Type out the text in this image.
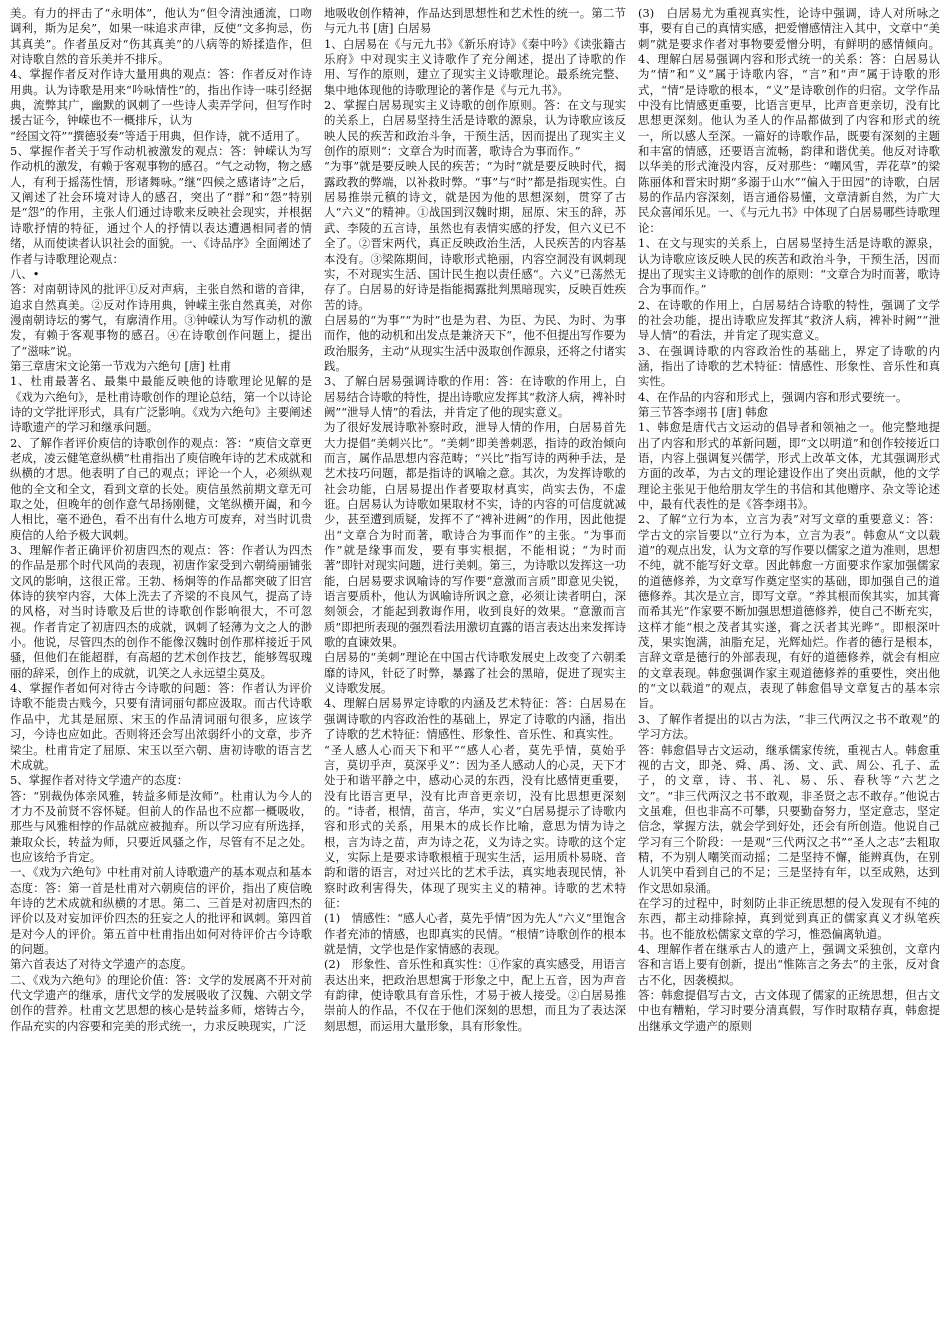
美。有力的抨击了“永明体”，他认为“但令清浊通流，口吻调利，斯为足矣”，如果一味追求声律，反使“文多拘忌，伤其真美”。作者虽反对“伤其真美”的八病等的矫揉造作，但对诗歌自然的音乐美并不排斥。

4、掌握作者反对作诗大量用典的观点：答：作者反对作诗用典。认为诗歌是用来“吟咏情性”的，指出作诗一味引经据典，流弊其广，幽默的讽刺了一些诗人卖弄学问，但写作时援古证今，钟嵘也不一概排斥，认为

“经国文符”“撰德驳奏”等适于用典，但作诗，就不适用了。

5、掌握作者关于写作动机被激发的观点：答：钟嵘认为写作动机的激发，有赖于客观事物的感召。“气之动物，物之感人，有利于摇荡性情，形诸舞咏。”继“四候之感诸诗”之后，又阐述了社会环境对诗人的感召，突出了“群”和“怨”特别是“怨”的作用，主张人们通过诗歌来反映社会现实，并根据诗歌抒情的特征，通过个人的抒情以表达遭遇相同者的情绪，从而使读者认识社会的面貌。一、《诗品序》全面阐述了作者与诗歌理论观点：

八、•

答：对南朝诗风的批评①反对声病，主张自然和谐的音律，追求自然真美。②反对作诗用典，钟嵘主张自然真美，对你漫南朝诗坛的雾气，有廓清作用。③钟嵘认为写作动机的激发，有赖于客观事物的感召。④在诗歌创作问题上，提出了“滋味”说。

第三章唐宋文论第一节戏为六绝句 [唐] 杜甫

1、杜甫最著名、最集中最能反映他的诗歌理论见解的是《戏为六绝句》，是杜甫诗歌创作的理论总结，第一个以诗论诗的文学批评形式，具有广泛影响。《戏为六绝句》主要阐述诗歌遗产的学习和继承问题。

2、了解作者评价庾信的诗歌创作的观点：答：“庾信文章更老成，凌云健笔意纵横”杜甫指出了庾信晚年诗的艺术成就和纵横的才思。他表明了自己的观点；评论一个人，必须纵观他的全文和全文，看到文章的长处。庾信虽然前期文章无可取之处，但晚年的创作意气昂扬刚健，文笔纵横开阖，和今人相比，毫不逊色，看不出有什么地方可废弃，对当时讥贵庾信的人给予极大讽刺。

3、理解作者正确评价初唐四杰的观点：答：作者认为四杰的作品是那个时代风尚的表现，初唐作家受到六朝绮丽铺张文风的影响，这很正常。王勃、杨炯等的作品都突破了旧宫体诗的狭窄内容，大体上洗去了齐梁的不良风气，提高了诗的风格，对当时诗歌及后世的诗歌创作影响很大，不可忽视。作者肯定了初唐四杰的成就，讽刺了轻薄为文之人的渺小。他说，尽管四杰的创作不能像汉魏时创作那样接近于风骚，但他们在能超群，有高超的艺术创作技艺，能够驾驭瑰丽的辞采，创作上的成就，讥笑之人永远望尘莫及。

4、掌握作者如何对待古今诗歌的问题：答：作者认为评价诗歌不能贵古贱今，只要有清词丽句都应汲取。而古代诗歌作品中，尤其是屈原、宋玉的作品清词丽句很多，应该学习，今诗也应如此。否则将还会写出浓弱纤小的文章，步齐梁尘。杜甫肯定了屈原、宋玉以至六朝、唐初诗歌的语言艺术成就。

5、掌握作者对待文学遗产的态度：

答：“别裁伪体亲风雅，转益多师是汝师”。杜甫认为今人的才力不及前贤不容怀疑。但前人的作品也不应都一概吸收，那些与风雅相悖的作品就应被抛弃。所以学习应有所选择，兼取众长，转益为师，只要近风骚之作，尽管有不足之处。也应该给予肯定。

一、《戏为六绝句》中杜甫对前人诗歌遗产的基本观点和基本态度：答：第一首是杜甫对六朝庾信的评价，指出了庾信晚年诗的艺术成就和纵横的才思。第二、三首是对初唐四杰的评价以及对妄加评价四杰的狂妄之人的批评和讽刺。第四首是对今人的评价。第五首中杜甫指出如何对待评价古今诗歌的问题。

第六首表达了对待文学遗产的态度。

二、《戏为六绝句》的理论价值：答：文学的发展离不开对前代文学遗产的继承，唐代文学的发展吸收了汉魏、六朝文学创作的营养。杜甫文艺思想的核心是转益多师，熔铸古今，作品充实的内容要和完美的形式统一，力求反映现实，广泛

地吸收创作精神，作品达到思想性和艺术性的统一。第二节与元九书 [唐] 白居易

1、白居易在《与元九书》《新乐府诗》《秦中吟》《读张籍古乐府》中对现实主义诗歌作了充分阐述，提出了诗歌的作用、写作的原则，建立了现实主义诗歌理论。最系统完整、集中地体现他的诗歌理论的著作是《与元九书》。

2、掌握白居易现实主义诗歌的创作原则。答：在文与现实的关系上，白居易坚持生活是诗歌的源泉，认为诗歌应该反映人民的疾苦和政治斗争，干预生活，因而提出了现实主义创作的原则“：文章合为时而著，歌诗合为事而作。”

“为事”就是要反映人民的疾苦；“为时”就是要反映时代，揭露政教的弊端，以补救时弊。“事”与“时”都是指现实性。白居易推崇元稹的诗文，就是因为他的思想深刻，贯穿了古人“六义”的精神。①战国到汉魏时期，屈原、宋玉的辞，苏武、李陵的五言诗，虽然也有表情实感的抒发，但六义已不全了。②晋宋两代，真正反映政治生活，人民疾苦的内容基本没有。③梁陈期间，诗歌形式艳丽，内容空洞没有讽刺现实，不对现实生活、国计民生抱以责任感“。六义”已荡然无存了。白居易的好诗是指能揭露批判黑暗现实，反映百姓疾苦的诗。

白居易的“为事”“为时”也是为君、为臣、为民、为时、为事而作，他的动机和出发点是兼济天下“，他不但提出写作要为政治服务，主动“从现实生活中汲取创作源泉，还将之付诸实践。

3、了解白居易强调诗歌的作用：答：在诗歌的作用上，白居易结合诗歌的特性，提出诗歌应发挥其“救济人病，裨补时阙”“泄导人情”的看法，并肯定了他的现实意义。

为了很好发展诗歌补察时政，泄导人情的作用，白居易首先大力提倡“美刺兴比”。“美刺”即美善刺恶，指诗的政治倾向而言，属作品思想内容范畴；“兴比”指写诗的两种手法，是艺术技巧问题，都是指诗的讽喻之意。其次，为发挥诗歌的社会功能，白居易提出作者要取材真实，尚实去伪，不虚诳。白居易认为诗歌如果取材不实，诗的内容的可信度就减少，甚至遭到质疑，发挥不了“裨补进阙”的作用，因此他提出“文章合为时而著，歌诗合为事而作”的主张。“为事而作”就是缘事而发，要有事实根据，不能相说；“为时而著”即针对现实问题，进行美刺。第三，为诗歌以发挥这一功能，白居易要求讽喻诗的写作要“意激而言质”即意见尖锐，语言要质朴，他认为讽喻诗所讽之意，必须让读者明白，深刻领会，才能起到教诲作用，收到良好的效果。“意激而言质”即把所表现的强烈看法用激切直露的语言表达出来发挥诗歌的直谏效果。

白居易的“美刺”理论在中国古代诗歌发展史上改变了六朝柔靡的诗风，针砭了时弊，暴露了社会的黑暗，促进了现实主义诗歌发展。

4、理解白居易界定诗歌的内涵及艺术特征：答：白居易在强调诗歌的内容政治性的基础上，界定了诗歌的内涵，指出了诗歌的艺术特征：情感性、形象性、音乐性、和真实性。

“圣人感人心而天下和平”“感人心者，莫先乎情，莫始乎言，莫切乎声，莫深乎义”：因为圣人感动人的心灵，天下才处于和谐平静之中，感动心灵的东西，没有比感情更重要，没有比语言更早，没有比声音更亲切，没有比思想更深刻的。“诗者，根情，苗言，华声，实义”白居易提示了诗歌内容和形式的关系，用果木的成长作比喻，意思为情为诗之根，言为诗之苗，声为诗之花，义为诗之实。诗歌的这个定义，实际上是要求诗歌根植于现实生活，运用质朴易晓、音韵和谐的语言，对过兴比的艺术手法，真实地表现民情，补察时政利害得失，体现了现实主义的精神。诗歌的艺术特征：

(1)　情感性：“感人心者，莫先乎情”因为先人“六义”里饱含作者充沛的情感，也即真实的民情。“根情”诗歌创作的根本就是情，文学也是作家情感的表现。

(2)　形象性、音乐性和真实性：①作家的真实感受，用语言表达出来，把政治思想寓于形象之中，配上五音，因为声音有韵律，使诗歌具有音乐性，才易于被人接受。②白居易推崇前人的作品，不仅在于他们深刻的思想，而且为了表达深刻思想，而运用大量形象，具有形象性。

(3)　白居易尤为重视真实性，论诗中强调，诗人对所咏之事，要有自己的真情实感，把爱憎感情注入其中，文章中“美刺”就是要求作者对事物要爱憎分明，有鲜明的感情倾向。4、理解白居易强调内容和形式统一的关系：答：白居易认为“情”和“义”属于诗歌内容，“言”和“声”属于诗歌的形式，“情”是诗歌的根本，“义”是诗歌创作的归宿。文学作品中没有比情感更重要，比语言更早，比声音更亲切，没有比思想更深刻。他认为圣人的作品都做到了内容和形式的统一，所以感人至深。一篇好的诗歌作品，既要有深刻的主题和丰富的情感，还要语言流畅，韵律和谐优美。他反对诗歌以华美的形式淹没内容，反对那些：“嘲风雪，弄花草”的梁陈丽体和晋宋时期“多溺于山水”“偏入于田园”的诗歌，白居易的作品内容深刻，语言通俗易懂，文章清新自然，为广大民众喜闻乐见。一、《与元九书》中体现了白居易哪些诗歌理论：

1、在文与现实的关系上，白居易坚持生活是诗歌的源泉，认为诗歌应该反映人民的疾苦和政治斗争，干预生活，因而提出了现实主义诗歌的创作的原则：“文章合为时而著，歌诗合为事而作。”

2、在诗歌的作用上，白居易结合诗歌的特性，强调了文学的社会功能，提出诗歌应发挥其“救济人病，裨补时阙”“泄导人情”的看法，并肯定了现实意义。

3、在强调诗歌的内容政治性的基础上，界定了诗歌的内涵，指出了诗歌的艺术特征：情感性、形象性、音乐性和真实性。

4、在作品的内容和形式上，强调内容和形式要统一。

第三节答李翊书 [唐] 韩愈

1、韩愈是唐代古文运动的倡导者和领袖之一。他完整地提出了内容和形式的革新问题，即“文以明道”和创作较接近口语，内容上强调复兴儒学，形式上改革文体，尤其强调形式方面的改革，为古文的理论建设作出了突出贡献，他的文学理论主张见于他给朋友学生的书信和其他赠序、杂文等论述中，最有代表性的是《答李翊书》。

2、了解“立行为本，立言为表”对写文章的重要意义：答：学古文的宗旨要以“立行为本，立言为表”。韩愈从“文以载道”的观点出发，认为文章的写作要以儒家之道为准则，思想不纯，就不能写好文章。因此韩愈一方面要求作家加强儒家的道德修养，为文章写作奠定坚实的基础，即加强自己的道德修养。其次是立言，即写文章。“养其根而俟其实，加其膏而希其光”作家要不断加强思想道德修养，使自己不断充实，这样才能“根之茂者其实遂，膏之沃者其光晔”。即根深叶茂，果实饱满，油脂充足，光辉灿烂。作者的德行是根本，言辞文章是德行的外部表现，有好的道德修养，就会有相应的文章表现。韩愈强调作家主观道德修养的重要性，突出他的“文以载道”的观点，表现了韩愈倡导文章复古的基本宗旨。

3、了解作者提出的以古为法，“非三代两汉之书不敢观”的学习方法。

答：韩愈倡导古文运动，继承儒家传统，重视古人。韩愈重视的古文，即尧、舜、禹、汤、文、武、周公、孔子、孟子，的文章，诗、书、礼、易、乐、春秋等“六艺之文”。“非三代两汉之书不敢观，非圣贤之志不敢存。”他说古文虽难，但也非高不可攀，只要勤奋努力，坚定意志，坚定信念，掌握方法，就会学到好处，还会有所创造。他说自己学习有三个阶段：一是观“三代两汉之书”“圣人之志”去粗取精，不为别人嘲笑而动摇；二是坚持不懈，能辨真伪，在别人讥笑中看到自己的不足；三是坚持有年，以至成熟，达到作文思如泉涌。

在学习的过程中，时刻防止非正统思想的侵入发现有不纯的东西，都主动排除掉，真到觉到真正的儒家真义才纵笔疾书。也不能放松儒家文章的学习，惟恐偏离轨道。

4、理解作者在继承古人的遗产上，强调文采独创，文章内容和言语上要有创新，提出“惟陈言之务去”的主张，反对食古不化，因袭模拟。

答：韩愈提倡写古文，古文体现了儒家的正统思想，但古文中也有糟粕，学习时要分清真假，写作时取精存真，韩愈提出继承文学遗产的原则
